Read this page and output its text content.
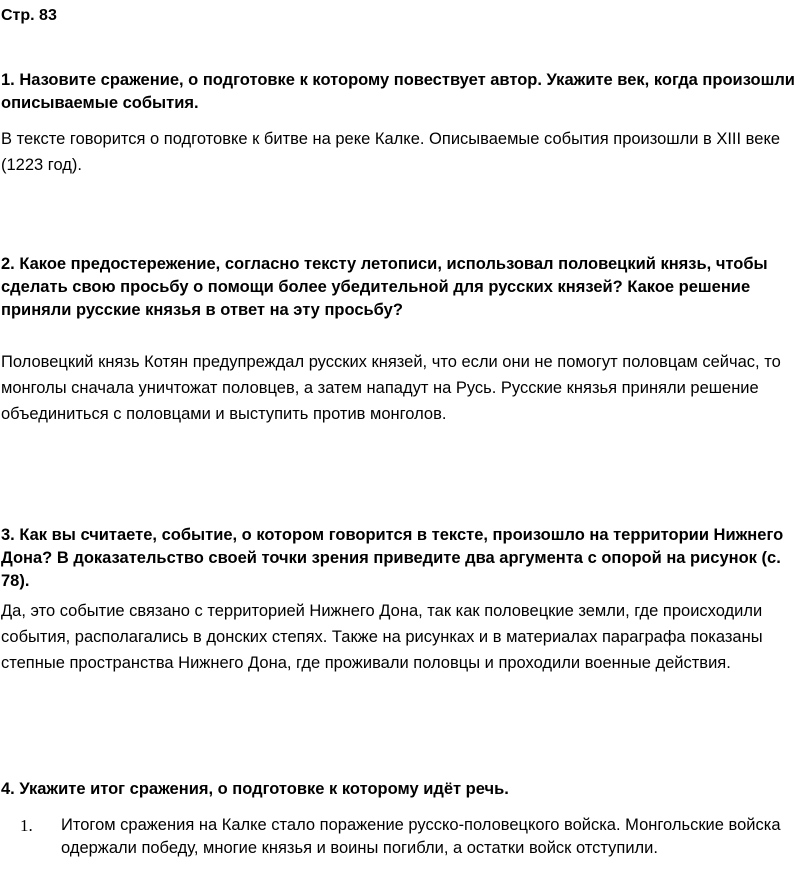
Стр. 83

1. Назовите сражение, о подготовке к которому повествует автор. Укажите век, когда произошли описываемые события.

В тексте говорится о подготовке к битве на реке Калке. Описываемые события произошли в XIII веке (1223 год).

2. Какое предостережение, согласно тексту летописи, использовал половецкий князь, чтобы сделать свою просьбу о помощи более убедительной для русских князей? Какое решение приняли русские князья в ответ на эту просьбу?

Половецкий князь Котян предупреждал русских князей, что если они не помогут половцам сейчас, то монголы сначала уничтожат половцев, а затем нападут на Русь. Русские князья приняли решение объединиться с половцами и выступить против монголов.

3. Как вы считаете, событие, о котором говорится в тексте, произошло на территории Нижнего Дона? В доказательство своей точки зрения приведите два аргумента с опорой на рисунок (с. 78).

Да, это событие связано с территорией Нижнего Дона, так как половецкие земли, где происходили события, располагались в донских степях. Также на рисунках и в материалах параграфа показаны степные пространства Нижнего Дона, где проживали половцы и проходили военные действия.

4. Укажите итог сражения, о подготовке к которому идёт речь.

1. Итогом сражения на Калке стало поражение русско-половецкого войска. Монгольские войска одержали победу, многие князья и воины погибли, а остатки войск отступили.
